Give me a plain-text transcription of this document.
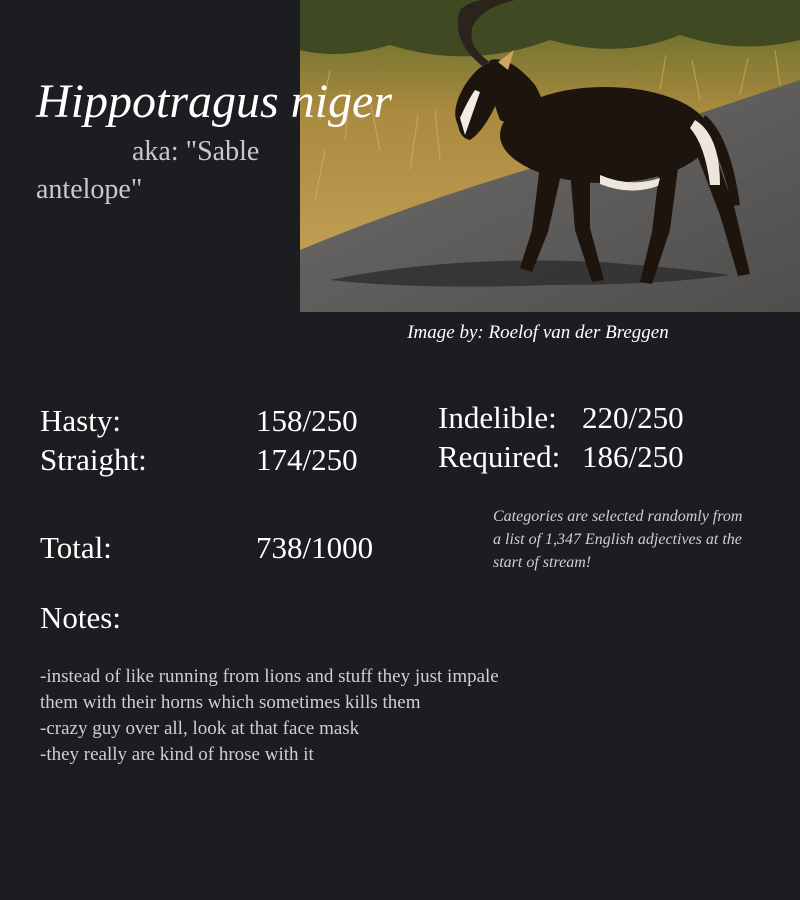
Hippotragus niger
aka: "Sable antelope"
Image by: Roelof van der Breggen
Hasty:	158/250
Straight:	174/250
Indelible: 220/250
Required: 186/250
Total:	738/1000
Categories are selected randomly from a list of 1,347 English adjectives at the start of stream!
Notes:
-instead of like running from lions and stuff they just impale them with their horns which sometimes kills them
-crazy guy over all, look at that face mask
-they really are kind of hrose with it
